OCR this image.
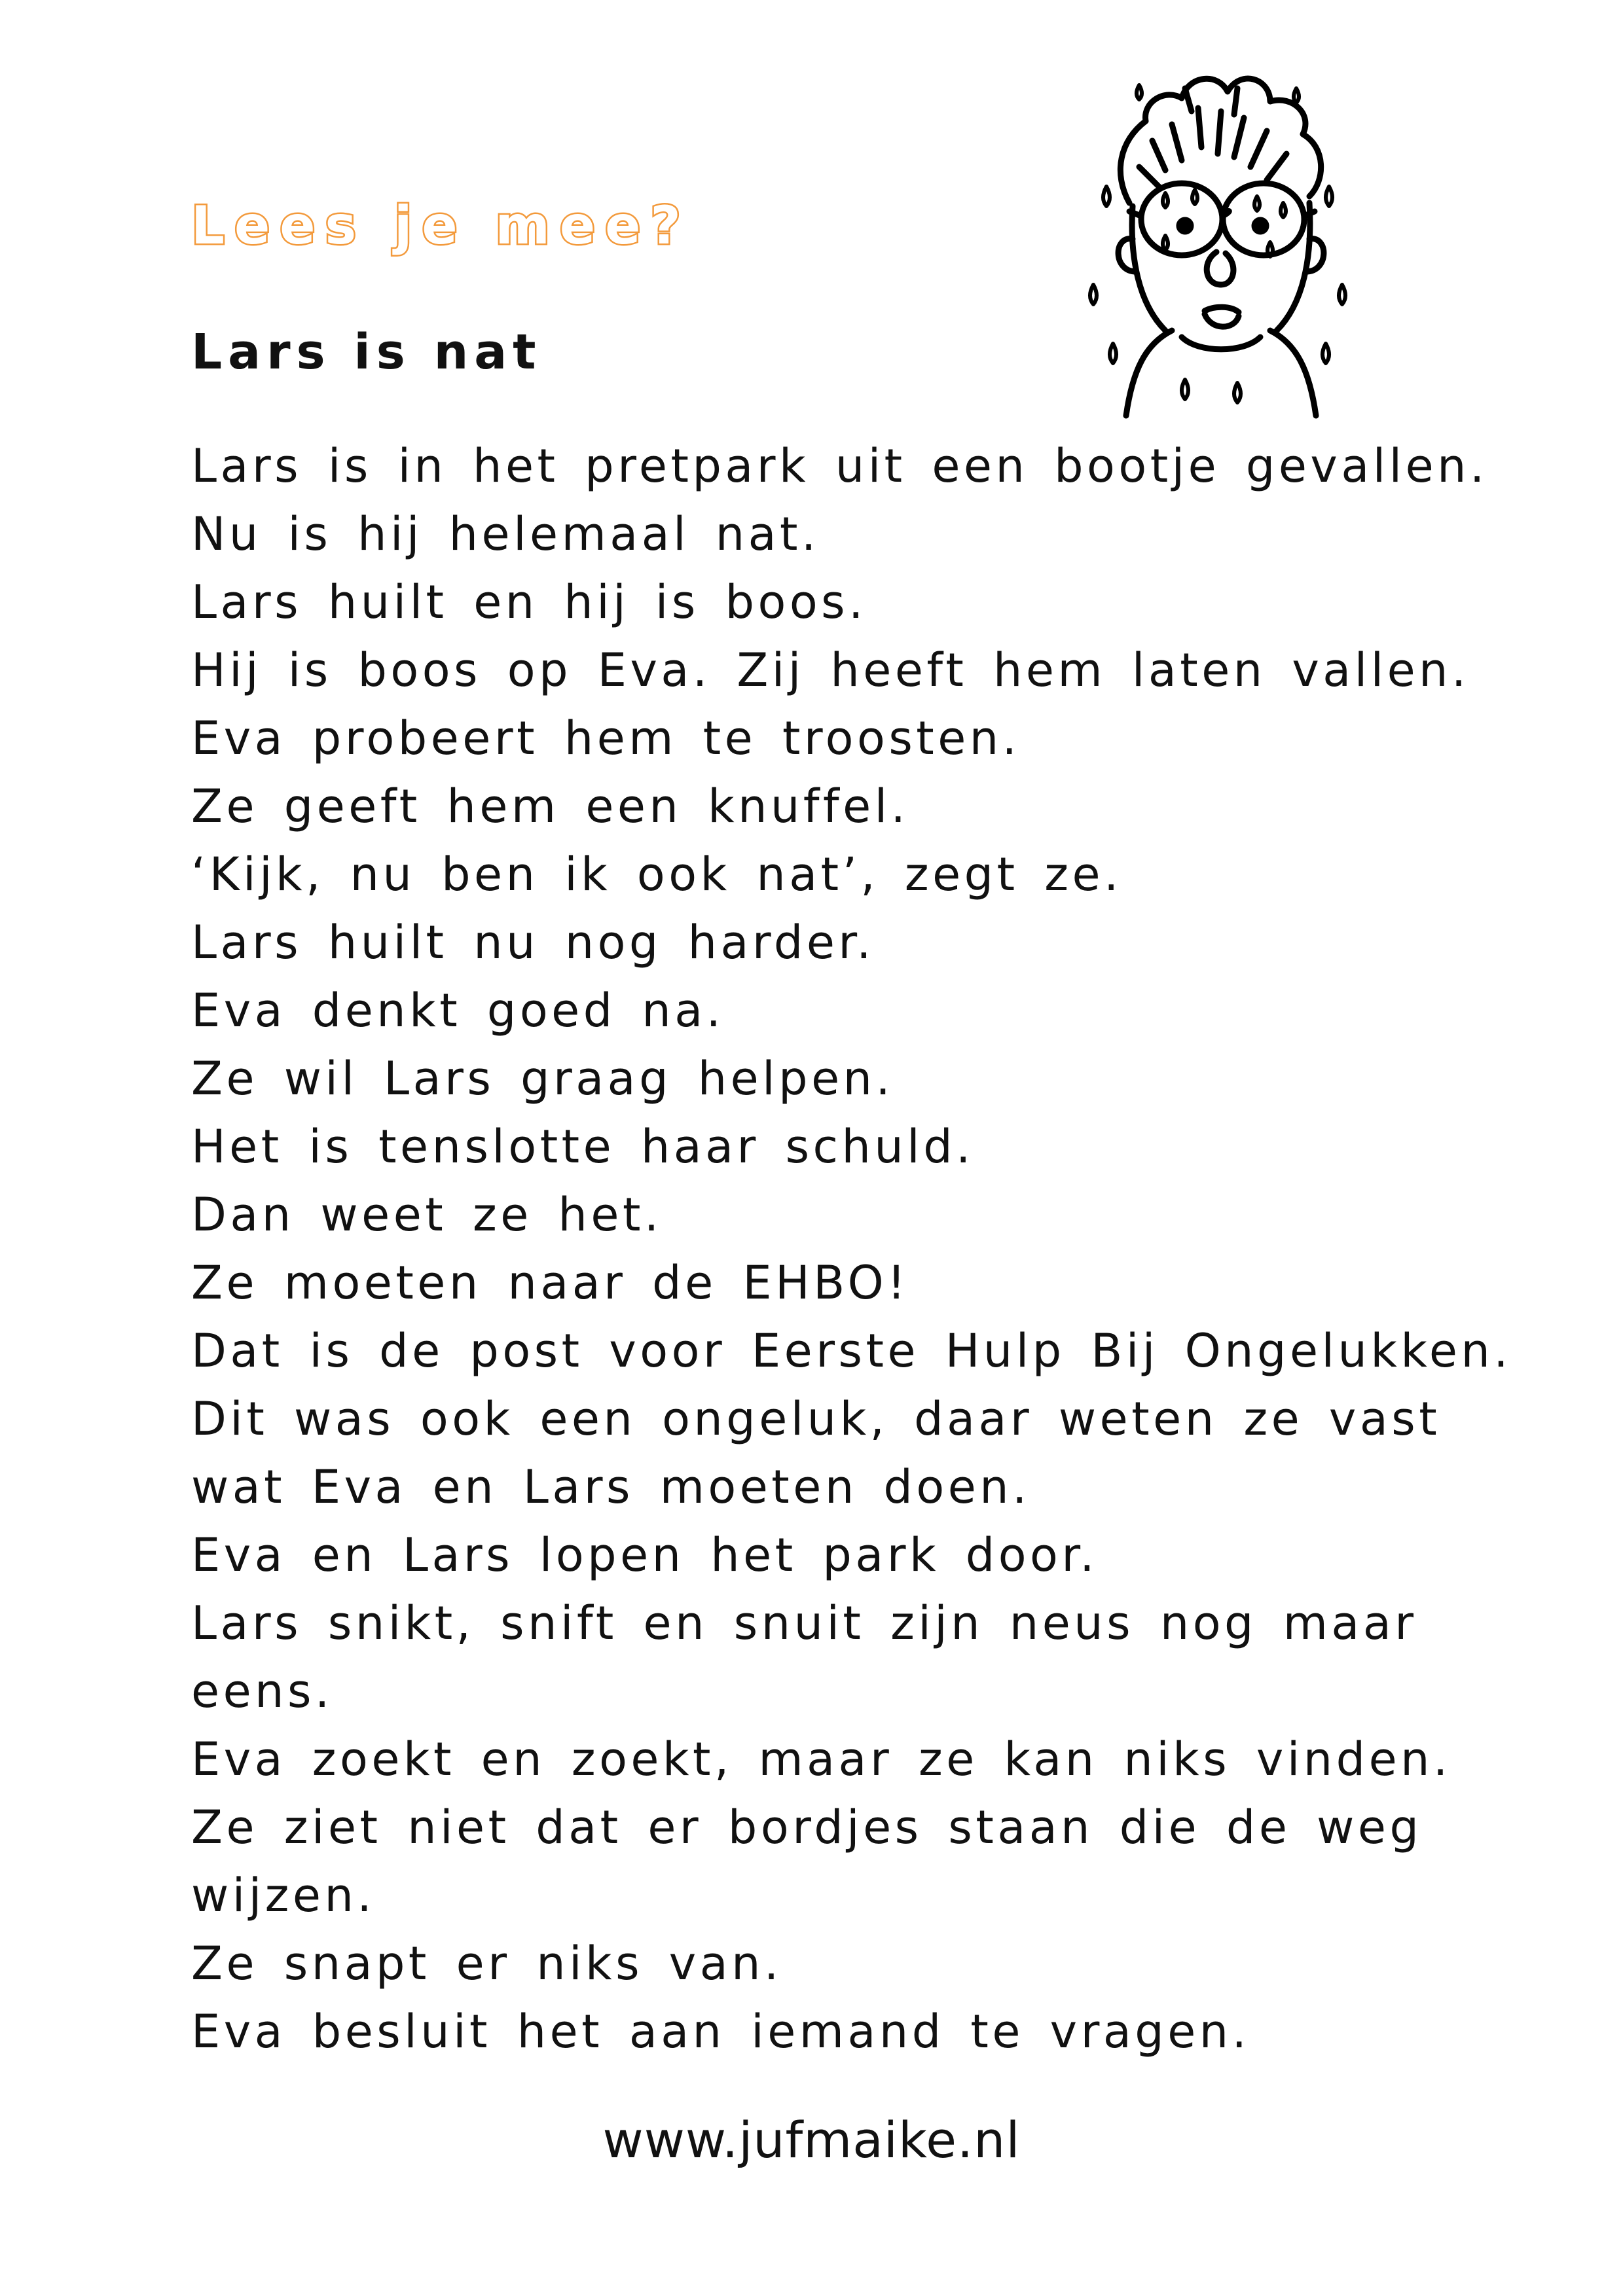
Lees je mee?
Lars is nat
Lars is in het pretpark uit een bootje gevallen.
Nu is hij helemaal nat.
Lars huilt en hij is boos.
Hij is boos op Eva. Zij heeft hem laten vallen.
Eva probeert hem te troosten.
Ze geeft hem een knuffel.
‘Kijk, nu ben ik ook nat’, zegt ze.
Lars huilt nu nog harder.
Eva denkt goed na.
Ze wil Lars graag helpen.
Het is tenslotte haar schuld.
Dan weet ze het.
Ze moeten naar de EHBO!
Dat is de post voor Eerste Hulp Bij Ongelukken.
Dit was ook een ongeluk, daar weten ze vast
wat Eva en Lars moeten doen.
Eva en Lars lopen het park door.
Lars snikt, snift en snuit zijn neus nog maar
eens.
Eva zoekt en zoekt, maar ze kan niks vinden.
Ze ziet niet dat er bordjes staan die de weg
wijzen.
Ze snapt er niks van.
Eva besluit het aan iemand te vragen.
www.jufmaike.nl
